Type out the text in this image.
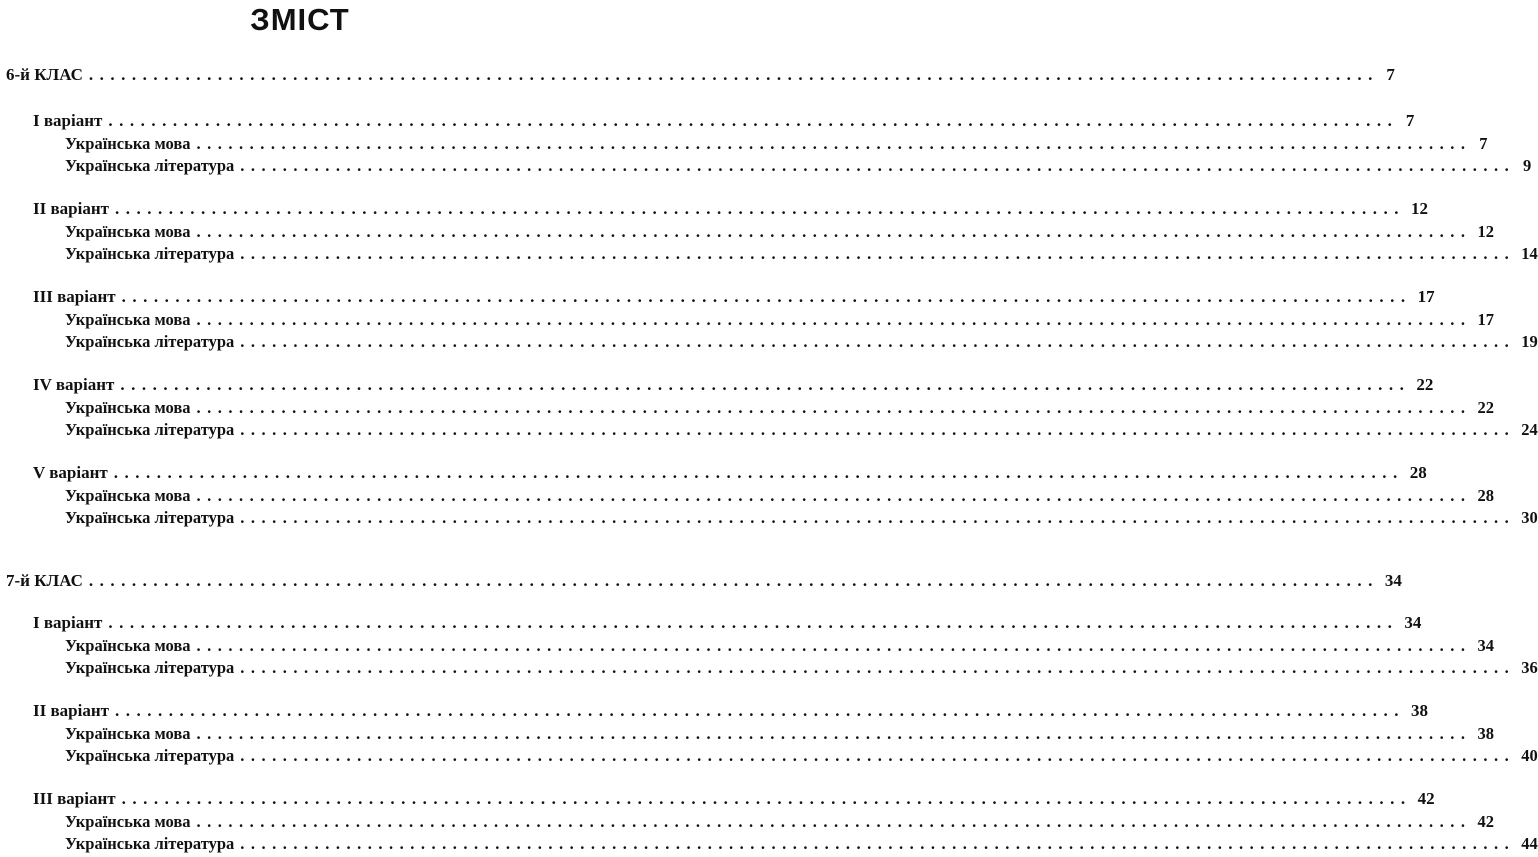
ЗМІСТ
6-й КЛАС ........................................................................................................................ 7
І варіант ........................................................................................................................ 7
Українська мова ........................................................................................................................ 7
Українська література ........................................................................................................................ 9
ІІ варіант ........................................................................................................................ 12
Українська мова ........................................................................................................................ 12
Українська література ........................................................................................................................ 14
ІІІ варіант ........................................................................................................................ 17
Українська мова ........................................................................................................................ 17
Українська література ........................................................................................................................ 19
IV варіант ........................................................................................................................ 22
Українська мова ........................................................................................................................ 22
Українська література ........................................................................................................................ 24
V варіант ........................................................................................................................ 28
Українська мова ........................................................................................................................ 28
Українська література ........................................................................................................................ 30
7-й КЛАС ........................................................................................................................ 34
І варіант ........................................................................................................................ 34
Українська мова ........................................................................................................................ 34
Українська література ........................................................................................................................ 36
ІІ варіант ........................................................................................................................ 38
Українська мова ........................................................................................................................ 38
Українська література ........................................................................................................................ 40
ІІІ варіант ........................................................................................................................ 42
Українська мова ........................................................................................................................ 42
Українська література ........................................................................................................................ 44
